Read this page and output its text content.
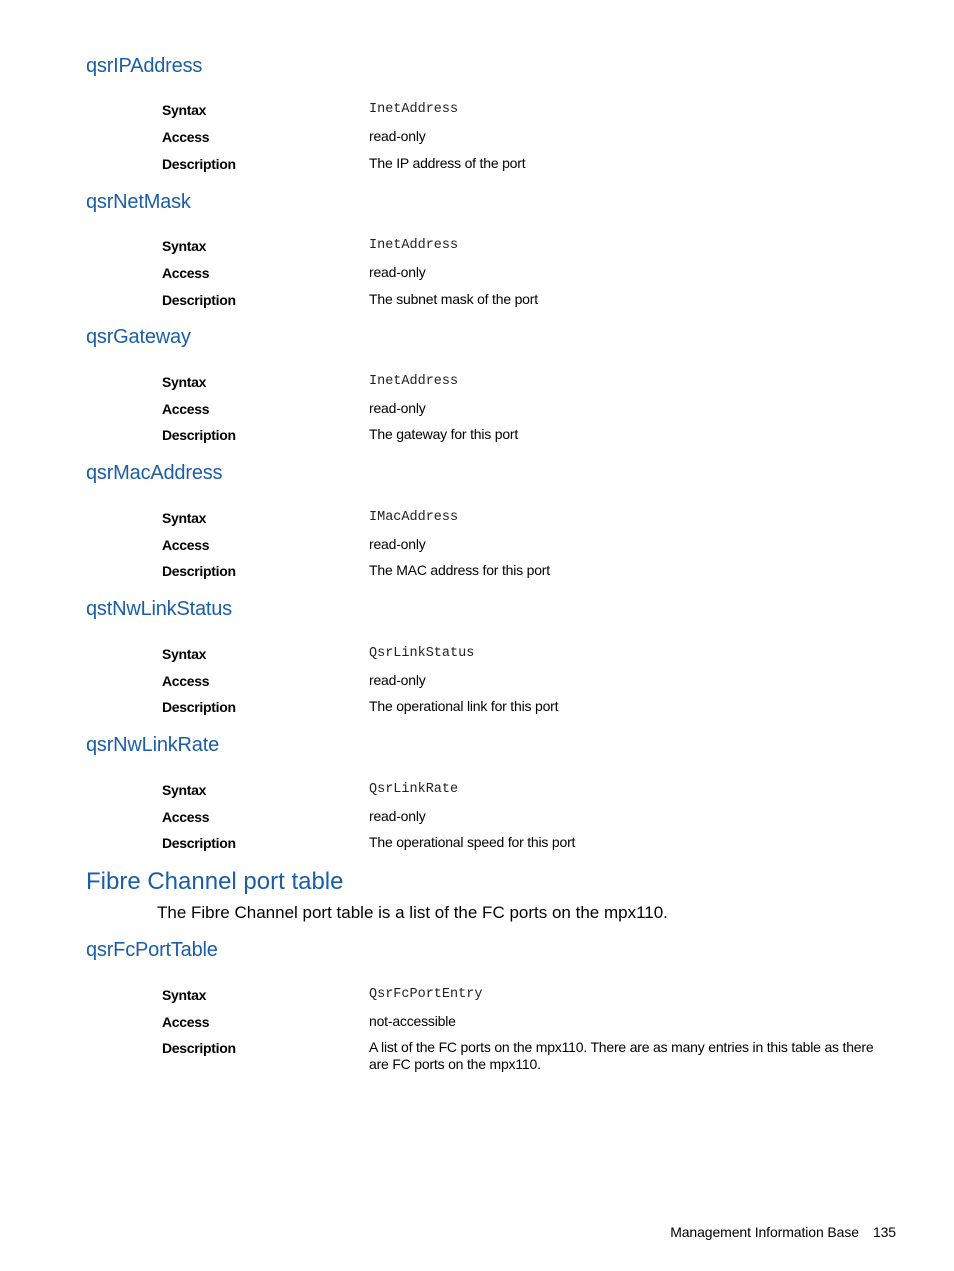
qsrIPAddress
Syntax	InetAddress
Access	read-only
Description	The IP address of the port
qsrNetMask
Syntax	InetAddress
Access	read-only
Description	The subnet mask of the port
qsrGateway
Syntax	InetAddress
Access	read-only
Description	The gateway for this port
qsrMacAddress
Syntax	IMacAddress
Access	read-only
Description	The MAC address for this port
qstNwLinkStatus
Syntax	QsrLinkStatus
Access	read-only
Description	The operational link for this port
qsrNwLinkRate
Syntax	QsrLinkRate
Access	read-only
Description	The operational speed for this port
Fibre Channel port table

The Fibre Channel port table is a list of the FC ports on the mpx110.

qsrFcPortTable
Syntax	QsrFcPortEntry
Access	not-accessible
Description	A list of the FC ports on the mpx110. There are as many entries in this table as there are FC ports on the mpx110.
Management Information Base 135
